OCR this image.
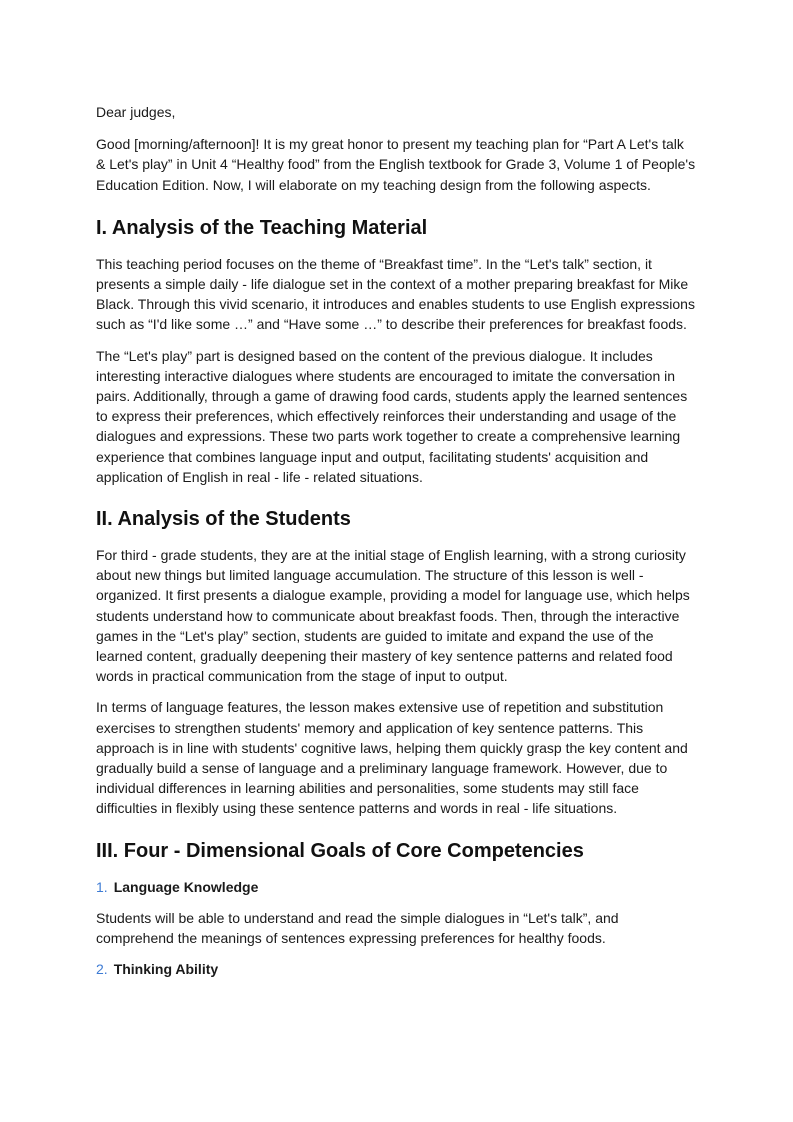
Dear judges,

Good [morning/afternoon]! It is my great honor to present my teaching plan for “Part A Let's talk & Let's play” in Unit 4 “Healthy food” from the English textbook for Grade 3, Volume 1 of People's Education Edition. Now, I will elaborate on my teaching design from the following aspects.

I. Analysis of the Teaching Material

This teaching period focuses on the theme of “Breakfast time”. In the “Let's talk” section, it presents a simple daily - life dialogue set in the context of a mother preparing breakfast for Mike Black. Through this vivid scenario, it introduces and enables students to use English expressions such as “I'd like some …” and “Have some …” to describe their preferences for breakfast foods.

The “Let's play” part is designed based on the content of the previous dialogue. It includes interesting interactive dialogues where students are encouraged to imitate the conversation in pairs. Additionally, through a game of drawing food cards, students apply the learned sentences to express their preferences, which effectively reinforces their understanding and usage of the dialogues and expressions. These two parts work together to create a comprehensive learning experience that combines language input and output, facilitating students' acquisition and application of English in real - life - related situations.

II. Analysis of the Students

For third - grade students, they are at the initial stage of English learning, with a strong curiosity about new things but limited language accumulation. The structure of this lesson is well - organized. It first presents a dialogue example, providing a model for language use, which helps students understand how to communicate about breakfast foods. Then, through the interactive games in the “Let's play” section, students are guided to imitate and expand the use of the learned content, gradually deepening their mastery of key sentence patterns and related food words in practical communication from the stage of input to output.

In terms of language features, the lesson makes extensive use of repetition and substitution exercises to strengthen students' memory and application of key sentence patterns. This approach is in line with students' cognitive laws, helping them quickly grasp the key content and gradually build a sense of language and a preliminary language framework. However, due to individual differences in learning abilities and personalities, some students may still face difficulties in flexibly using these sentence patterns and words in real - life situations.

III. Four - Dimensional Goals of Core Competencies
1. Language Knowledge

Students will be able to understand and read the simple dialogues in “Let's talk”, and comprehend the meanings of sentences expressing preferences for healthy foods.

2. Thinking Ability
